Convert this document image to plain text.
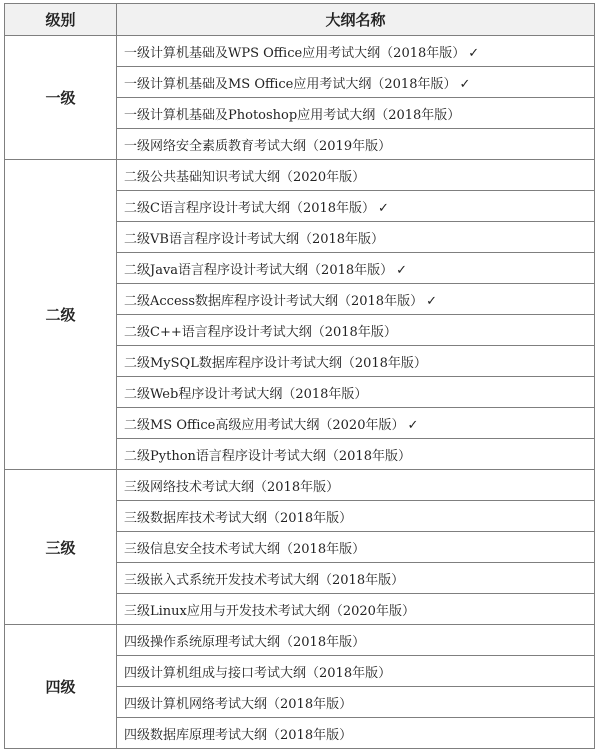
级别	大纲名称
一级	一级计算机基础及WPS Office应用考试大纲（2018年版） ✓
	一级计算机基础及MS Office应用考试大纲（2018年版） ✓
	一级计算机基础及Photoshop应用考试大纲（2018年版）
	一级网络安全素质教育考试大纲（2019年版）
二级	二级公共基础知识考试大纲（2020年版）
	二级C语言程序设计考试大纲（2018年版） ✓
	二级VB语言程序设计考试大纲（2018年版）
	二级Java语言程序设计考试大纲（2018年版） ✓
	二级Access数据库程序设计考试大纲（2018年版） ✓
	二级C++语言程序设计考试大纲（2018年版）
	二级MySQL数据库程序设计考试大纲（2018年版）
	二级Web程序设计考试大纲（2018年版）
	二级MS Office高级应用考试大纲（2020年版） ✓
	二级Python语言程序设计考试大纲（2018年版）
三级	三级网络技术考试大纲（2018年版）
	三级数据库技术考试大纲（2018年版）
	三级信息安全技术考试大纲（2018年版）
	三级嵌入式系统开发技术考试大纲（2018年版）
	三级Linux应用与开发技术考试大纲（2020年版）
四级	四级操作系统原理考试大纲（2018年版）
	四级计算机组成与接口考试大纲（2018年版）
	四级计算机网络考试大纲（2018年版）
	四级数据库原理考试大纲（2018年版）
